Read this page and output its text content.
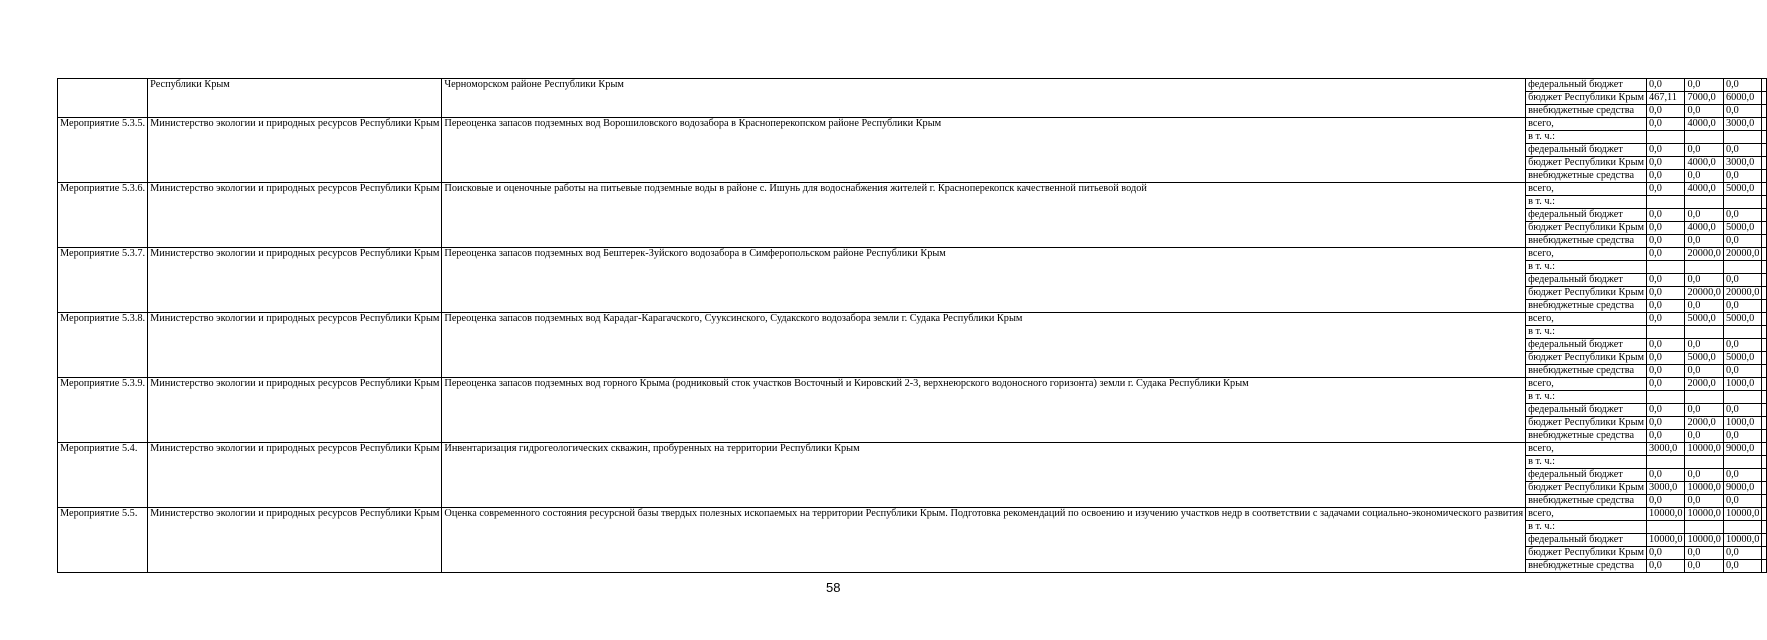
	Республики Крым	Черноморском районе Республики Крым	федеральный бюджет	0,0	0,0	0,0	
			бюджет Республики Крым	467,11	7000,0	6000,0	
			внебюджетные средства	0,0	0,0	0,0	
Мероприятие 5.3.5.	Министерство экологии и природных ресурсов Республики Крым	Переоценка запасов подземных вод Ворошиловского водозабора в Красноперекопском районе Республики Крым	всего,	0,0	4000,0	3000,0	
			в т. ч.:				
			федеральный бюджет	0,0	0,0	0,0	
			бюджет Республики Крым	0,0	4000,0	3000,0	
			внебюджетные средства	0,0	0,0	0,0	
Мероприятие 5.3.6.	Министерство экологии и природных ресурсов Республики Крым	Поисковые и оценочные работы на питьевые подземные воды в районе с. Ишунь для водоснабжения жителей г. Красноперекопск качественной питьевой водой	всего,	0,0	4000,0	5000,0	
			в т. ч.:				
			федеральный бюджет	0,0	0,0	0,0	
			бюджет Республики Крым	0,0	4000,0	5000,0	
			внебюджетные средства	0,0	0,0	0,0	
Мероприятие 5.3.7.	Министерство экологии и природных ресурсов Республики Крым	Переоценка запасов подземных вод Бештерек-Зуйского водозабора в Симферопольском районе Республики Крым	всего,	0,0	20000,0	20000,0	
			в т. ч.:				
			федеральный бюджет	0,0	0,0	0,0	
			бюджет Республики Крым	0,0	20000,0	20000,0	
			внебюджетные средства	0,0	0,0	0,0	
Мероприятие 5.3.8.	Министерство экологии и природных ресурсов Республики Крым	Переоценка запасов подземных вод Карадаг-Карагачского, Сууксинского, Судакского водозабора земли г. Судака Республики Крым	всего,	0,0	5000,0	5000,0	
			в т. ч.:				
			федеральный бюджет	0,0	0,0	0,0	
			бюджет Республики Крым	0,0	5000,0	5000,0	
			внебюджетные средства	0,0	0,0	0,0	
Мероприятие 5.3.9.	Министерство экологии и природных ресурсов Республики Крым	Переоценка запасов подземных вод горного Крыма (родниковый сток участков Восточный и Кировский 2-3, верхнеюрского водоносного горизонта) земли г. Судака Республики Крым	всего,	0,0	2000,0	1000,0	
			в т. ч.:				
			федеральный бюджет	0,0	0,0	0,0	
			бюджет Республики Крым	0,0	2000,0	1000,0	
			внебюджетные средства	0,0	0,0	0,0	
Мероприятие 5.4.	Министерство экологии и природных ресурсов Республики Крым	Инвентаризация гидрогеологических скважин, пробуренных на территории Республики Крым	всего,	3000,0	10000,0	9000,0	
			в т. ч.:				
			федеральный бюджет	0,0	0,0	0,0	
			бюджет Республики Крым	3000,0	10000,0	9000,0	
			внебюджетные средства	0,0	0,0	0,0	
Мероприятие 5.5.	Министерство экологии и природных ресурсов Республики Крым	Оценка современного состояния ресурсной базы твердых полезных ископаемых на территории Республики Крым. Подготовка рекомендаций по освоению и изучению участков недр в соответствии с задачами социально-экономического развития	всего,	10000,0	10000,0	10000,0	
			в т. ч.:				
			федеральный бюджет	10000,0	10000,0	10000,0	
			бюджет Республики Крым	0,0	0,0	0,0	
			внебюджетные средства	0,0	0,0	0,0	
58
